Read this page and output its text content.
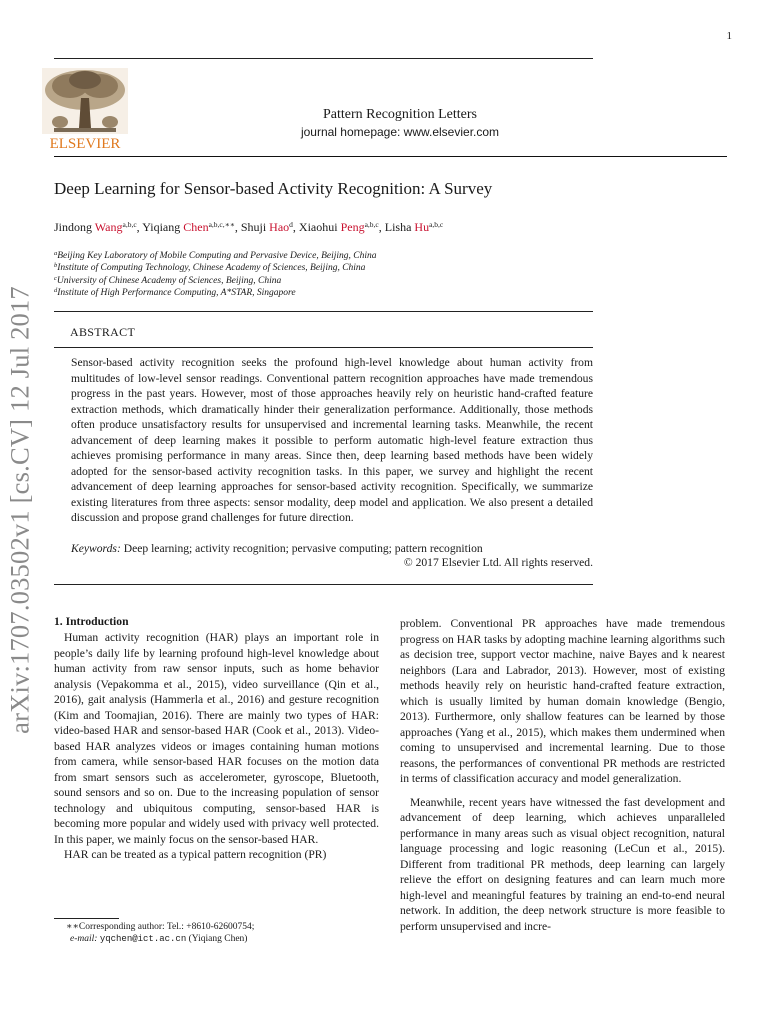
1
arXiv:1707.03502v1 [cs.CV] 12 Jul 2017
ELSEVIER
Pattern Recognition Letters
journal homepage: www.elsevier.com
Deep Learning for Sensor-based Activity Recognition: A Survey
Jindong Wang$^{a,b,c}$, Yiqiang Chen$^{a,b,c,∗∗}$, Shuji Hao$^d$, Xiaohui Peng$^{a,b,c}$, Lisha Hu$^{a,b,c}$
$^a$Beijing Key Laboratory of Mobile Computing and Pervasive Device, Beijing, China
$^b$Institute of Computing Technology, Chinese Academy of Sciences, Beijing, China
$^c$University of Chinese Academy of Sciences, Beijing, China
$^d$Institute of High Performance Computing, A*STAR, Singapore
ABSTRACT
Sensor-based activity recognition seeks the profound high-level knowledge about human activity from multitudes of low-level sensor readings. Conventional pattern recognition approaches have made tremendous progress in the past years. However, most of those approaches heavily rely on heuristic hand-crafted feature extraction methods, which dramatically hinder their generalization performance. Additionally, those methods often produce unsatisfactory results for unsupervised and incremental learning tasks. Meanwhile, the recent advancement of deep learning makes it possible to perform automatic high-level feature extraction thus achieves promising performance in many areas. Since then, deep learning based methods have been widely adopted for the sensor-based activity recognition tasks. In this paper, we survey and highlight the recent advancement of deep learning approaches for sensor-based activity recognition. Specifically, we summarize existing literatures from three aspects: sensor modality, deep model and application. We also present a detailed discussion and propose grand challenges for future direction.
Keywords: Deep learning; activity recognition; pervasive computing; pattern recognition
© 2017 Elsevier Ltd. All rights reserved.
1. Introduction

Human activity recognition (HAR) plays an important role in people’s daily life by learning profound high-level knowledge about human activity from raw sensor inputs, such as home behavior analysis (Vepakomma et al., 2015), video surveillance (Qin et al., 2016), gait analysis (Hammerla et al., 2016) and gesture recognition (Kim and Toomajian, 2016). There are mainly two types of HAR: video-based HAR and sensor-based HAR (Cook et al., 2013). Video-based HAR analyzes videos or images containing human motions from camera, while sensor-based HAR focuses on the motion data from smart sensors such as accelerometer, gyroscope, Bluetooth, sound sensors and so on. Due to the increasing population of sensor technology and ubiquitous computing, sensor-based HAR is becoming more popular and widely used with privacy well protected. In this paper, we mainly focus on the sensor-based HAR.

HAR can be treated as a typical pattern recognition (PR)

problem. Conventional PR approaches have made tremendous progress on HAR tasks by adopting machine learning algorithms such as decision tree, support vector machine, naive Bayes and k nearest neighbors (Lara and Labrador, 2013). However, most of existing methods heavily rely on heuristic hand-crafted feature extraction, which is usually limited by human domain knowledge (Bengio, 2013). Furthermore, only shallow features can be learned by those approaches (Yang et al., 2015), which makes them undermined when coming to unsupervised and incremental learning. Due to those reasons, the performances of conventional PR methods are restricted in terms of classification accuracy and model generalization.

Meanwhile, recent years have witnessed the fast development and advancement of deep learning, which achieves unparalleled performance in many areas such as visual object recognition, natural language processing and logic reasoning (LeCun et al., 2015). Different from traditional PR methods, deep learning can largely relieve the effort on designing features and can learn much more high-level and meaningful features by training an end-to-end neural network. In addition, the deep network structure is more feasible to perform unsupervised and incre-

∗∗Corresponding author: Tel.: +8610-62600754;
e-mail: yqchen@ict.ac.cn (Yiqiang Chen)
